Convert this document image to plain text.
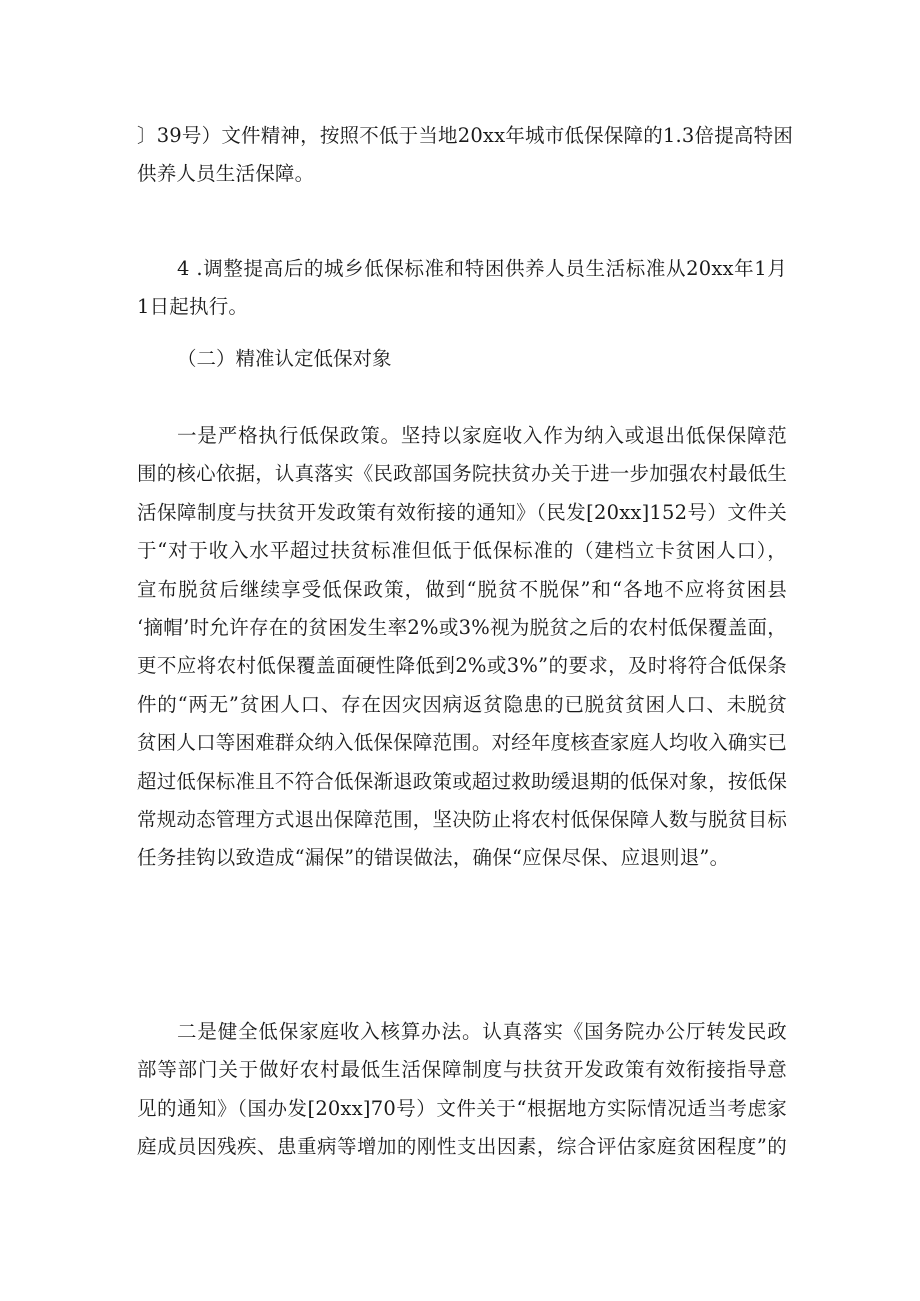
〕39号）文件精神，按照不低于当地20xx年城市低保保障的1.3倍提高特困
供养人员生活保障。

4 .调整提高后的城乡低保标准和特困供养人员生活标准从20xx年1月
1日起执行。

（二）精准认定低保对象

一是严格执行低保政策。坚持以家庭收入作为纳入或退出低保保障范
围的核心依据，认真落实《民政部国务院扶贫办关于进一步加强农村最低生
活保障制度与扶贫开发政策有效衔接的通知》（民发[20xx]152号）文件关
于“对于收入水平超过扶贫标准但低于低保标准的（建档立卡贫困人口），
宣布脱贫后继续享受低保政策，做到“脱贫不脱保”和“各地不应将贫困县
‘摘帽’时允许存在的贫困发生率2%或3%视为脱贫之后的农村低保覆盖面，
更不应将农村低保覆盖面硬性降低到2%或3%”的要求，及时将符合低保条
件的“两无”贫困人口、存在因灾因病返贫隐患的已脱贫贫困人口、未脱贫
贫困人口等困难群众纳入低保保障范围。对经年度核查家庭人均收入确实已
超过低保标准且不符合低保渐退政策或超过救助缓退期的低保对象，按低保
常规动态管理方式退出保障范围，坚决防止将农村低保保障人数与脱贫目标
任务挂钩以致造成“漏保”的错误做法，确保“应保尽保、应退则退”。

二是健全低保家庭收入核算办法。认真落实《国务院办公厅转发民政
部等部门关于做好农村最低生活保障制度与扶贫开发政策有效衔接指导意
见的通知》（国办发[20xx]70号）文件关于“根据地方实际情况适当考虑家
庭成员因残疾、患重病等增加的刚性支出因素，综合评估家庭贫困程度”的
